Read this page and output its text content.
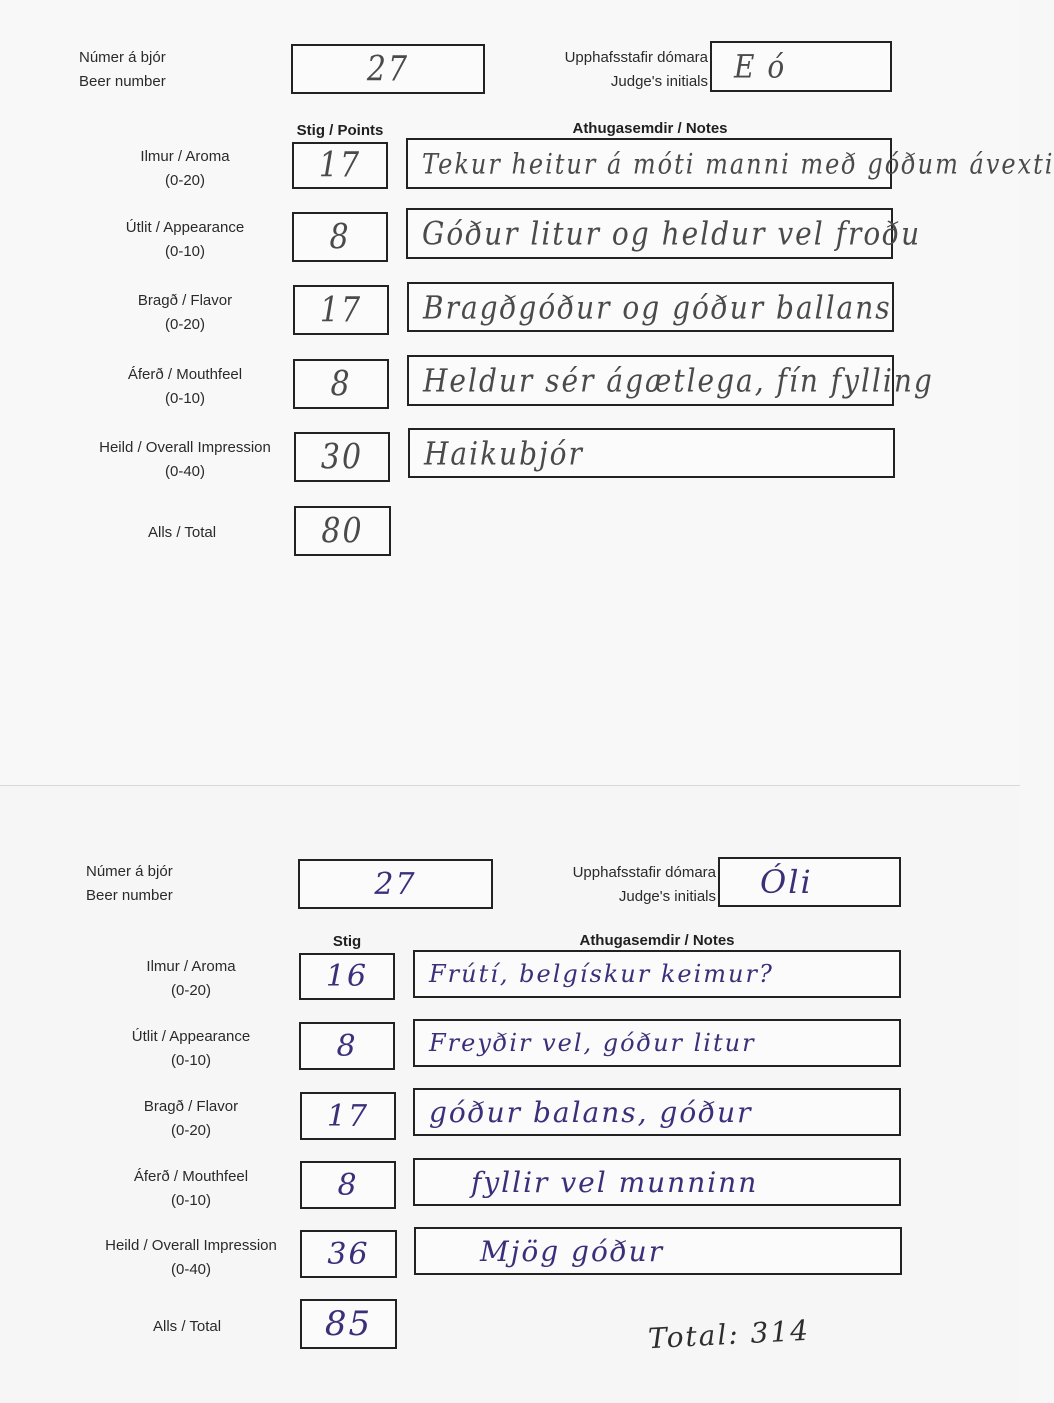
Númer á bjór
Beer number	27	Upphafsstafir dómara
Judge's initials E ó
Stig / Points	Athugasemdir / Notes
Ilmur / Aroma
(0-20)	17	Tekur heitur á móti manni með góðum ávexti
Útlit / Appearance
(0-10)	8	Góður litur og heldur vel froðu
Bragð / Flavor
(0-20)	17	Bragðgóður og góður ballans
Áferð / Mouthfeel
(0-10)	8	Heldur sér ágætlega, fín fylling
Heild / Overall Impression
(0-40)	30	Haikubjór
Alls / Total	80
Númer á bjór
Beer number	27	Upphafsstafir dómara
Judge's initials	Óli
Stig	Athugasemdir / Notes
Ilmur / Aroma
(0-20)	16	Frútí, belgískur keimur?
Útlit / Appearance
(0-10)	8	Freyðir vel, góður litur
Bragð / Flavor
(0-20)	17	góður balans, góður
Áferð / Mouthfeel
(0-10)	8	fyllir vel munninn
Heild / Overall Impression
(0-40)	36	Mjög góður
Alls / Total	85	Total: 314
